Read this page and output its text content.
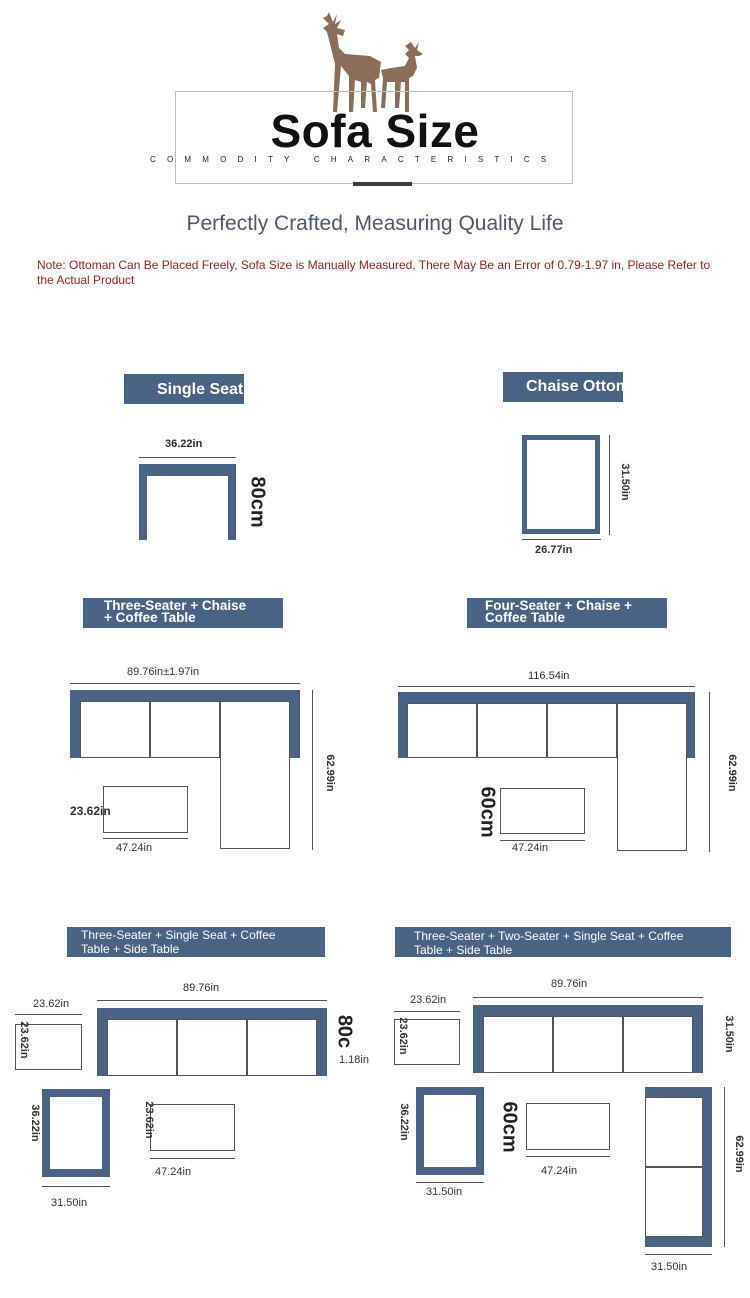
Sofa Size
COMMODITY CHARACTERISTICS
Perfectly Crafted, Measuring Quality Life
Note: Ottoman Can Be Placed Freely, Sofa Size is Manually Measured, There May Be an Error of 0.79-1.97 in, Please Refer to the Actual Product
Single Seat
36.22in
80cm
Chaise Ottoman
31.50in
26.77in
Three-Seater + Chaise
+ Coffee Table
89.76in±1.97in
62.99in
23.62in
47.24in
Four-Seater + Chaise +
Coffee Table
116.54in
62.99in
60cm
47.24in
Three-Seater + Single Seat + Coffee
Table + Side Table
23.62in
23.62in
89.76in
80c
1.18in
36.22in
31.50in
23.62in
47.24in
Three-Seater + Two-Seater + Single Seat + Coffee
Table + Side Table
23.62in
23.62in
89.76in
31.50in
36.22in
31.50in
60cm
47.24in	62.99in
31.50in
